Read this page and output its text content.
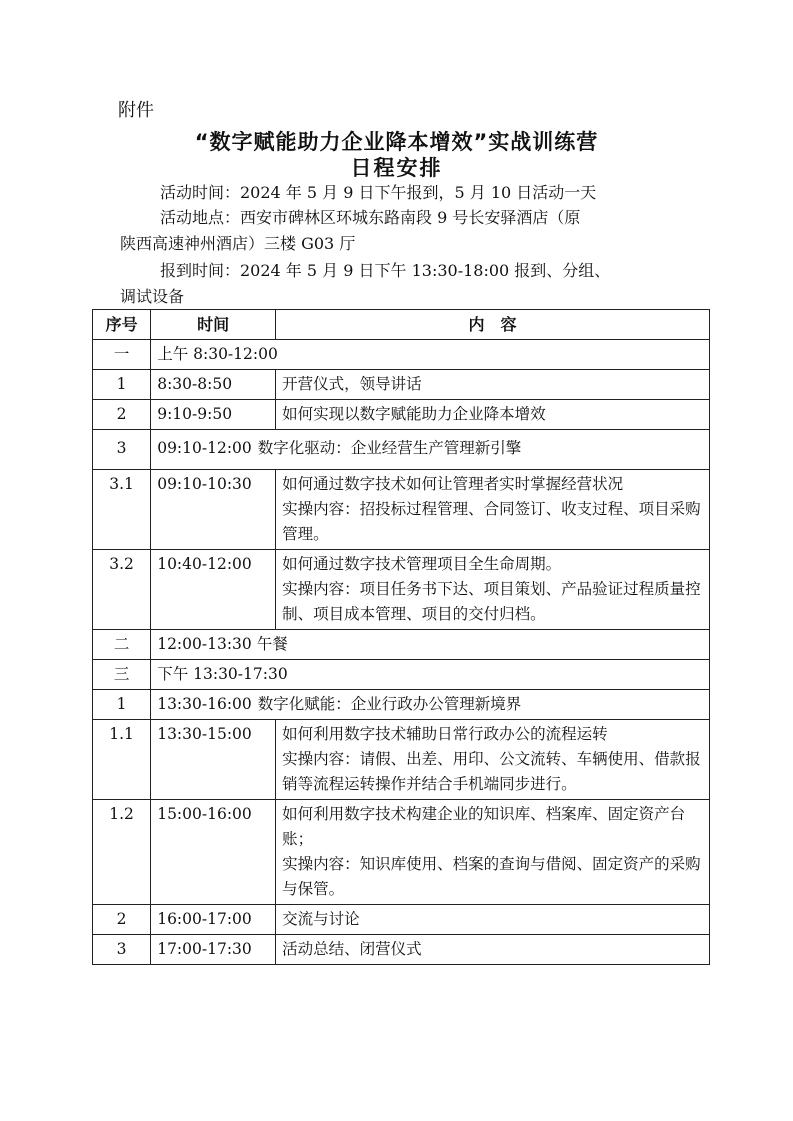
附件
“数字赋能助力企业降本增效”实战训练营
日程安排
活动时间：2024 年 5 月 9 日下午报到，5 月 10 日活动一天
活动地点：西安市碑林区环城东路南段 9 号长安驿酒店（原
陕西高速神州酒店）三楼 G03 厅
报到时间：2024 年 5 月 9 日下午 13:30-18:00 报到、分组、
调试设备
序号	时间	内　容
一	上午 8:30-12:00	
1	8:30-8:50	开营仪式，领导讲话
2	9:10-9:50	如何实现以数字赋能助力企业降本增效
3	09:10-12:00 数字化驱动：企业经营生产管理新引擎	
3.1	09:10-10:30	如何通过数字技术如何让管理者实时掌握经营状况
实操内容：招投标过程管理、合同签订、收支过程、项目采购管理。

3.2	10:40-12:00	如何通过数字技术管理项目全生命周期。
实操内容：项目任务书下达、项目策划、产品验证过程质量控制、项目成本管理、项目的交付归档。

二	12:00-13:30 午餐	
三	下午 13:30-17:30	
1	13:30-16:00 数字化赋能：企业行政办公管理新境界	
1.1	13:30-15:00	如何利用数字技术辅助日常行政办公的流程运转
实操内容：请假、出差、用印、公文流转、车辆使用、借款报销等流程运转操作并结合手机端同步进行。

1.2	15:00-16:00	如何利用数字技术构建企业的知识库、档案库、固定资产台账；
实操内容：知识库使用、档案的查询与借阅、固定资产的采购与保管。

2	16:00-17:00	交流与讨论
3	17:00-17:30	活动总结、闭营仪式
